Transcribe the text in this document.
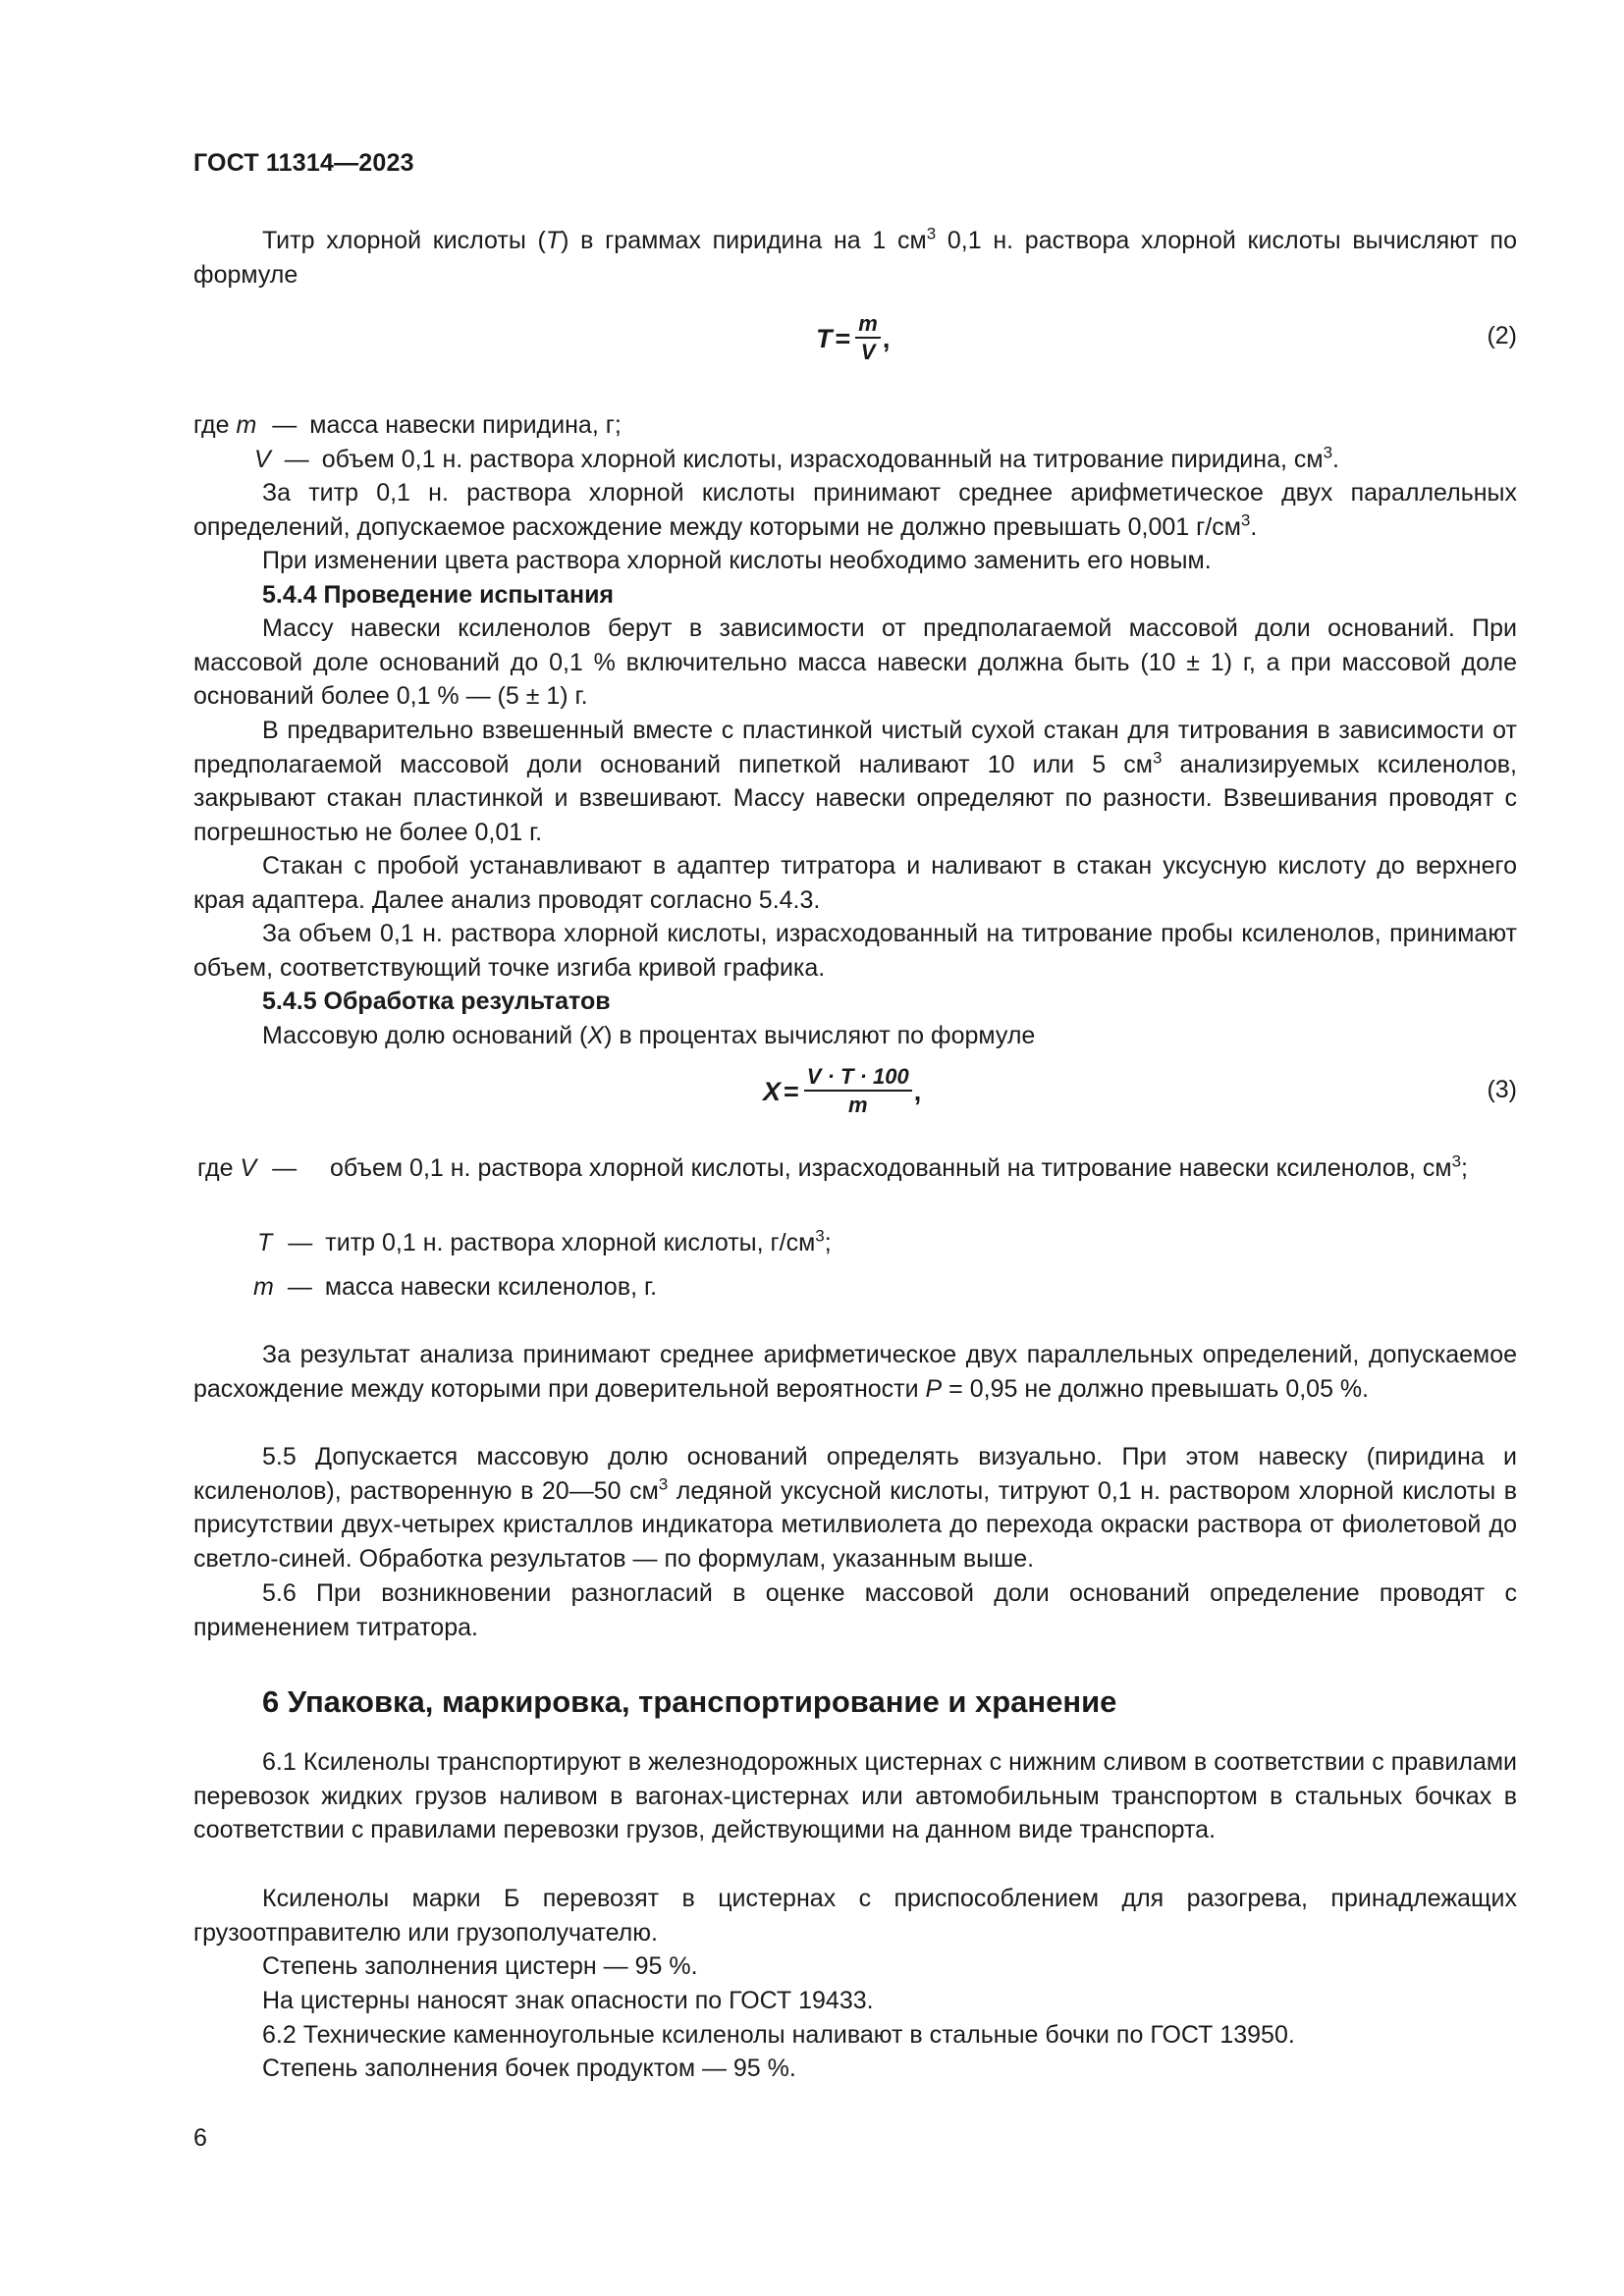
ГОСТ 11314—2023

Титр хлорной кислоты (T) в граммах пиридина на 1 $см^3$ 0,1 н. раствора хлорной кислоты вычисляют по формуле

$T = \frac{m}{V}$ ,	(2)
где m — масса навески пиридина, г;
V — объем 0,1 н. раствора хлорной кислоты, израсходованный на титрование пиридина, $см^3$.

За титр 0,1 н. раствора хлорной кислоты принимают среднее арифметическое двух параллельных определений, допускаемое расхождение между которыми не должно превышать 0,001 $г/см^3$.

При изменении цвета раствора хлорной кислоты необходимо заменить его новым.

5.4.4 Проведение испытания

Массу навески ксиленолов берут в зависимости от предполагаемой массовой доли оснований. При массовой доле оснований до 0,1 % включительно масса навески должна быть (10 ± 1) г, а при массовой доле оснований более 0,1 % — (5 ± 1) г.

В предварительно взвешенный вместе с пластинкой чистый сухой стакан для титрования в зависимости от предполагаемой массовой доли оснований пипеткой наливают 10 или 5 $см^3$ анализируемых ксиленолов, закрывают стакан пластинкой и взвешивают. Массу навески определяют по разности. Взвешивания проводят с погрешностью не более 0,01 г.

Стакан с пробой устанавливают в адаптер титратора и наливают в стакан уксусную кислоту до верхнего края адаптера. Далее анализ проводят согласно 5.4.3.

За объем 0,1 н. раствора хлорной кислоты, израсходованный на титрование пробы ксиленолов, принимают объем, соответствующий точке изгиба кривой графика.

5.4.5 Обработка результатов

Массовую долю оснований (X) в процентах вычисляют по формуле

$X = \frac{V \cdot T \cdot 100}{m}$ ,	(3)
где V — объем 0,1 н. раствора хлорной кислоты, израсходованный на титрование навески ксиленолов, $см^3$;

T — титр 0,1 н. раствора хлорной кислоты, $г/см^3$;
m — масса навески ксиленолов, г.

За результат анализа принимают среднее арифметическое двух параллельных определений, допускаемое расхождение между которыми при доверительной вероятности P = 0,95 не должно превышать 0,05 %.

5.5 Допускается массовую долю оснований определять визуально. При этом навеску (пиридина и ксиленолов), растворенную в 20—50 $см^3$ ледяной уксусной кислоты, титруют 0,1 н. раствором хлорной кислоты в присутствии двух-четырех кристаллов индикатора метилвиолета до перехода окраски раствора от фиолетовой до светло-синей. Обработка результатов — по формулам, указанным выше.

5.6 При возникновении разногласий в оценке массовой доли оснований определение проводят с применением титратора.

6 Упаковка, маркировка, транспортирование и хранение

6.1 Ксиленолы транспортируют в железнодорожных цистернах с нижним сливом в соответствии с правилами перевозок жидких грузов наливом в вагонах-цистернах или автомобильным транспортом в стальных бочках в соответствии с правилами перевозки грузов, действующими на данном виде транспорта.

Ксиленолы марки Б перевозят в цистернах с приспособлением для разогрева, принадлежащих грузоотправителю или грузополучателю.

Степень заполнения цистерн — 95 %.

На цистерны наносят знак опасности по ГОСТ 19433.

6.2 Технические каменноугольные ксиленолы наливают в стальные бочки по ГОСТ 13950.

Степень заполнения бочек продуктом — 95 %.

6
